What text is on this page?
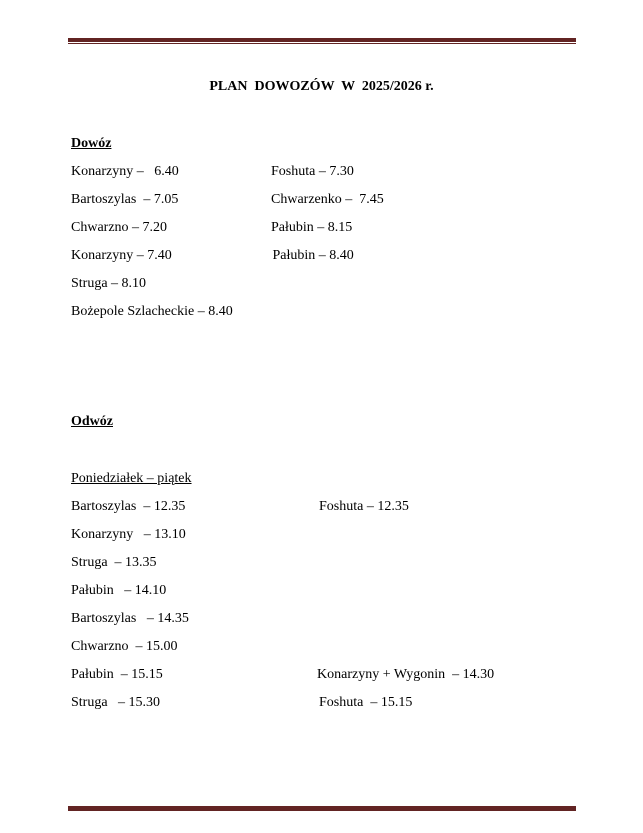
PLAN  DOWOZÓW  W  2025/2026 r.
Dowóz
Konarzyny –   6.40
Bartoszylas  – 7.05
Chwarzno – 7.20
Konarzyny – 7.40
Struga – 8.10
Bożepole Szlacheckie – 8.40
Foshuta – 7.30
Chwarzenko –  7.45
Pałubin – 8.15
Pałubin – 8.40
Odwóz
Poniedziałek – piątek
Bartoszylas  – 12.35
Konarzyny   – 13.10
Struga  – 13.35
Pałubin   – 14.10
Bartoszylas   – 14.35
Chwarzno  – 15.00
Pałubin  – 15.15
Struga   – 15.30
Foshuta – 12.35
Konarzyny + Wygonin  – 14.30
Foshuta  – 15.15
